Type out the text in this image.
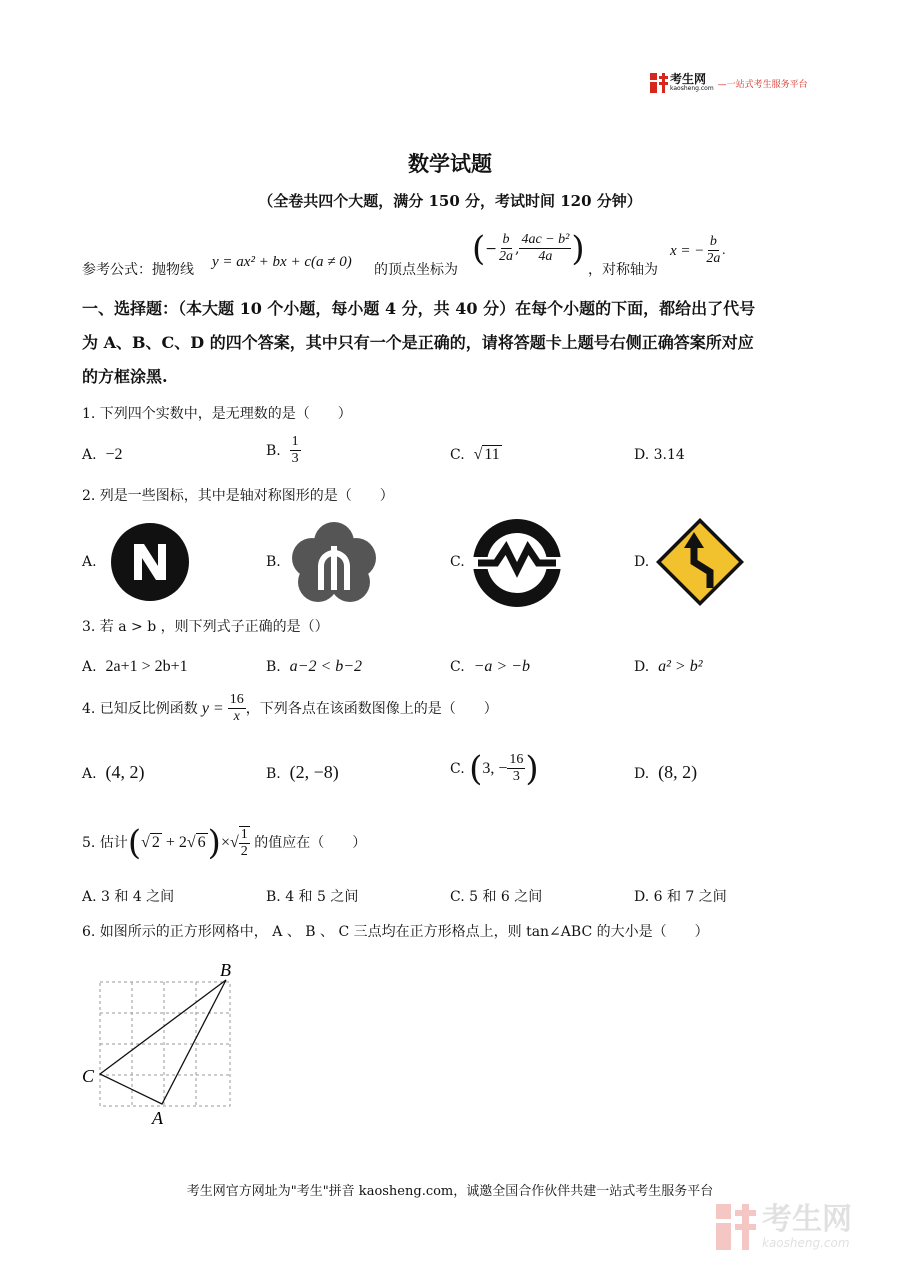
考生网
kaosheng.com —一站式考生服务平台
数学试题
（全卷共四个大题，满分 150 分，考试时间 120 分钟）
参考公式：抛物线 y = ax² + bx + c(a ≠ 0) 的顶点坐标为
( − $\frac{b}{2a}$ , $\frac{\text{4ac − b²}}{4a}$ )
，对称轴为
x = − $\frac{b}{2a}$ .
一、选择题：（本大题 10 个小题，每小题 4 分，共 40 分）在每个小题的下面，都给出了代号
为 A、B、C、D 的四个答案，其中只有一个是正确的，请将答题卡上题号右侧正确答案所对应
的方框涂黑.
1. 下列四个实数中，是无理数的是（　　）
A. −2	B.
$\frac{1}{3}$	C. √ 11	D. 3.14
2. 列是一些图标，其中是轴对称图形的是（　　）
A.	B.	C.	D.
3. 若 a > b ，则下列式子正确的是（）
A. 2a+1 > 2b+1	B. a−2 < b−2	C. −a > −b	D. a² > b²
4. 已知反比例函数 $y = \frac{16}{x}$ ，下列各点在该函数图像上的是（　　）
A. (4, 2)	B. (2, −8)	C.
( 3, − $\frac{16}{3}$ )	D. (8, 2)
5. 估计 ( √ 2 + 2√ 6 ) ×√ $\frac{1}{2}$
的值应在（　　）
A. 3 和 4 之间	B. 4 和 5 之间	C. 5 和 6 之间	D. 6 和 7 之间
6. 如图所示的正方形网格中， A 、 B 、 C 三点均在正方形格点上，则 tan∠ABC 的大小是（　　）
B
C
A
考生网官方网址为"考生"拼音 kaosheng.com，诚邀全国合作伙伴共建一站式考生服务平台
考生网
kaosheng.com
